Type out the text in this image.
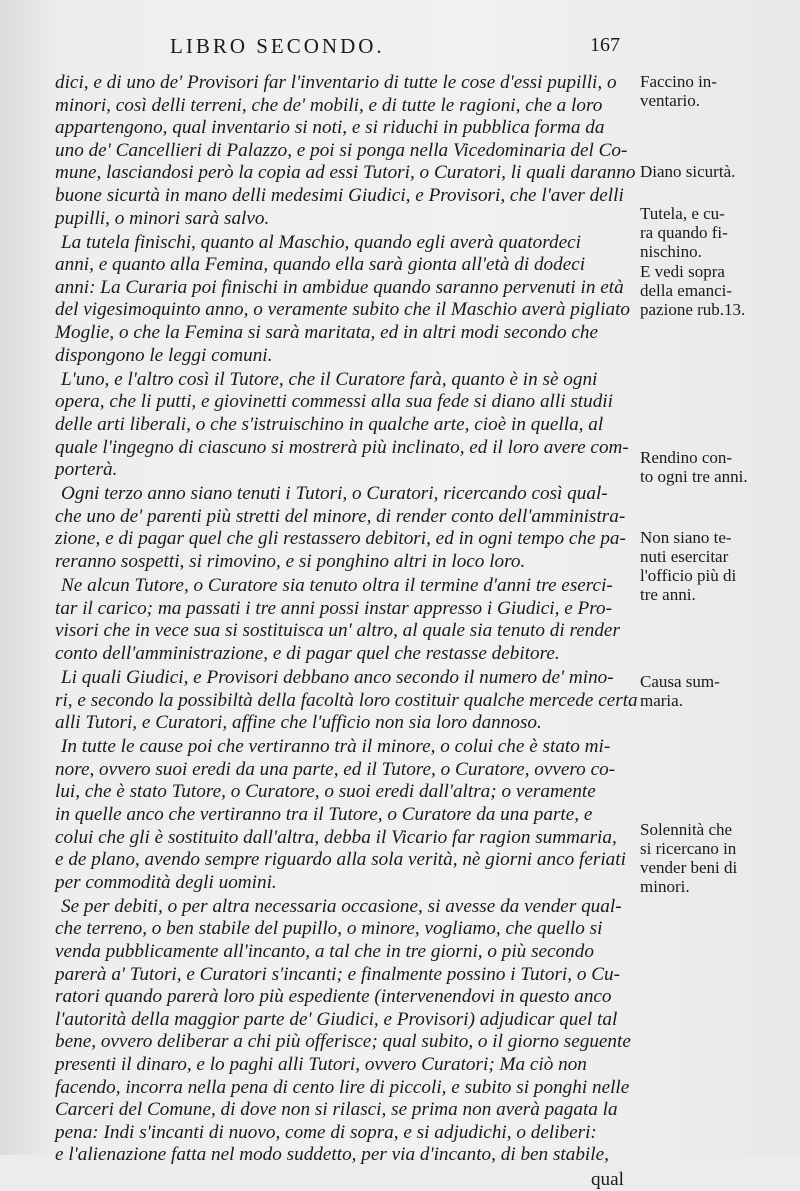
LIBRO SECONDO.	167

dici, e di uno de' Provisori far l'inventario di tutte le cose d'essi pupilli, o
minori, così delli terreni, che de' mobili, e di tutte le ragioni, che a loro
appartengono, qual inventario si noti, e si riduchi in pubblica forma da
uno de' Cancellieri di Palazzo, e poi si ponga nella Vicedominaria del Co-
mune, lasciandosi però la copia ad essi Tutori, o Curatori, li quali daranno
buone sicurtà in mano delli medesimi Giudici, e Provisori, che l'aver delli
pupilli, o minori sarà salvo.

La tutela finischi, quanto al Maschio, quando egli averà quatordeci
anni, e quanto alla Femina, quando ella sarà gionta all'età di dodeci
anni: La Curaria poi finischi in ambidue quando saranno pervenuti in età
del vigesimoquinto anno, o veramente subito che il Maschio averà pigliato
Moglie, o che la Femina si sarà maritata, ed in altri modi secondo che
dispongono le leggi comuni.

L'uno, e l'altro così il Tutore, che il Curatore farà, quanto è in sè ogni
opera, che li putti, e giovinetti commessi alla sua fede si diano alli studii
delle arti liberali, o che s'istruischino in qualche arte, cioè in quella, al
quale l'ingegno di ciascuno si mostrerà più inclinato, ed il loro avere com-
porterà.

Ogni terzo anno siano tenuti i Tutori, o Curatori, ricercando così qual-
che uno de' parenti più stretti del minore, di render conto dell'amministra-
zione, e di pagar quel che gli restassero debitori, ed in ogni tempo che pa-
reranno sospetti, si rimovino, e si ponghino altri in loco loro.

Ne alcun Tutore, o Curatore sia tenuto oltra il termine d'anni tre eserci-
tar il carico; ma passati i tre anni possi instar appresso i Giudici, e Pro-
visori che in vece sua si sostituisca un' altro, al quale sia tenuto di render
conto dell'amministrazione, e di pagar quel che restasse debitore.

Li quali Giudici, e Provisori debbano anco secondo il numero de' mino-
ri, e secondo la possibiltà della facoltà loro costituir qualche mercede certa
alli Tutori, e Curatori, affine che l'ufficio non sia loro dannoso.

In tutte le cause poi che vertiranno trà il minore, o colui che è stato mi-
nore, ovvero suoi eredi da una parte, ed il Tutore, o Curatore, ovvero co-
lui, che è stato Tutore, o Curatore, o suoi eredi dall'altra; o veramente
in quelle anco che vertiranno tra il Tutore, o Curatore da una parte, e
colui che gli è sostituito dall'altra, debba il Vicario far ragion summaria,
e de plano, avendo sempre riguardo alla sola verità, nè giorni anco feriati
per commodità degli uomini.

Se per debiti, o per altra necessaria occasione, si avesse da vender qual-
che terreno, o ben stabile del pupillo, o minore, vogliamo, che quello si
venda pubblicamente all'incanto, a tal che in tre giorni, o più secondo
parerà a' Tutori, e Curatori s'incanti; e finalmente possino i Tutori, o Cu-
ratori quando parerà loro più espediente (intervenendovi in questo anco
l'autorità della maggior parte de' Giudici, e Provisori) adjudicar quel tal
bene, ovvero deliberar a chi più offerisce; qual subito, o il giorno seguente
presenti il dinaro, e lo paghi alli Tutori, ovvero Curatori; Ma ciò non
facendo, incorra nella pena di cento lire di piccoli, e subito si ponghi nelle
Carceri del Comune, di dove non si rilasci, se prima non averà pagata la
pena: Indi s'incanti di nuovo, come di sopra, e si adjudichi, o deliberi:
e l'alienazione fatta nel modo suddetto, per via d'incanto, di ben stabile,

qual
Faccino in-
ventario.
Diano sicurtà.
Tutela, e cu-
ra quando fi-
nischino.
E vedi sopra
della emanci-
pazione rub.13.
Rendino con-
to ogni tre anni.
Non siano te-
nuti esercitar
l'officio più di
tre anni.
Causa sum-
maria.
Solennità che
si ricercano in
vender beni di
minori.
